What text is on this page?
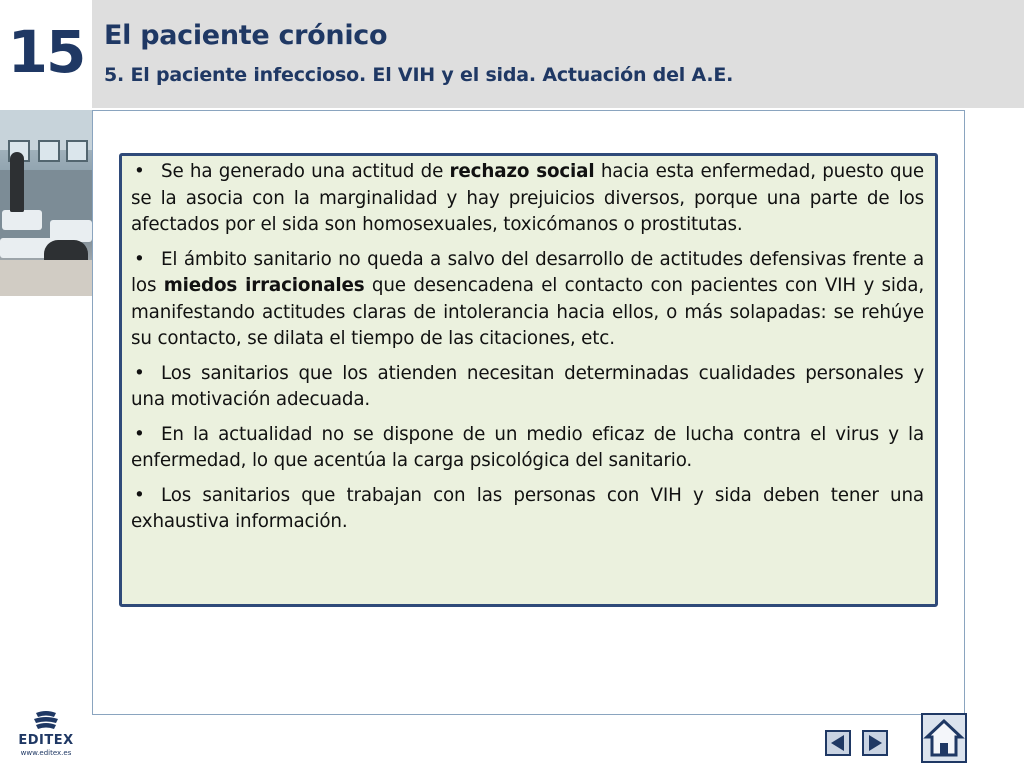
15 El paciente crónico
5. El paciente infeccioso. El VIH y el sida. Actuación del A.E.

• Se ha generado una actitud de rechazo social hacia esta enfermedad, puesto que se la asocia con la marginalidad y hay prejuicios diversos, porque una parte de los afectados por el sida son homosexuales, toxicómanos o prostitutas.

• El ámbito sanitario no queda a salvo del desarrollo de actitudes defensivas frente a los miedos irracionales que desencadena el contacto con pacientes con VIH y sida, manifestando actitudes claras de intolerancia hacia ellos, o más solapadas: se rehúye su contacto, se dilata el tiempo de las citaciones, etc.

• Los sanitarios que los atienden necesitan determinadas cualidades personales y una motivación adecuada.

• En la actualidad no se dispone de un medio eficaz de lucha contra el virus y la enfermedad, lo que acentúa la carga psicológica del sanitario.

• Los sanitarios que trabajan con las personas con VIH y sida deben tener una exhaustiva información.

EDITEX
www.editex.es
